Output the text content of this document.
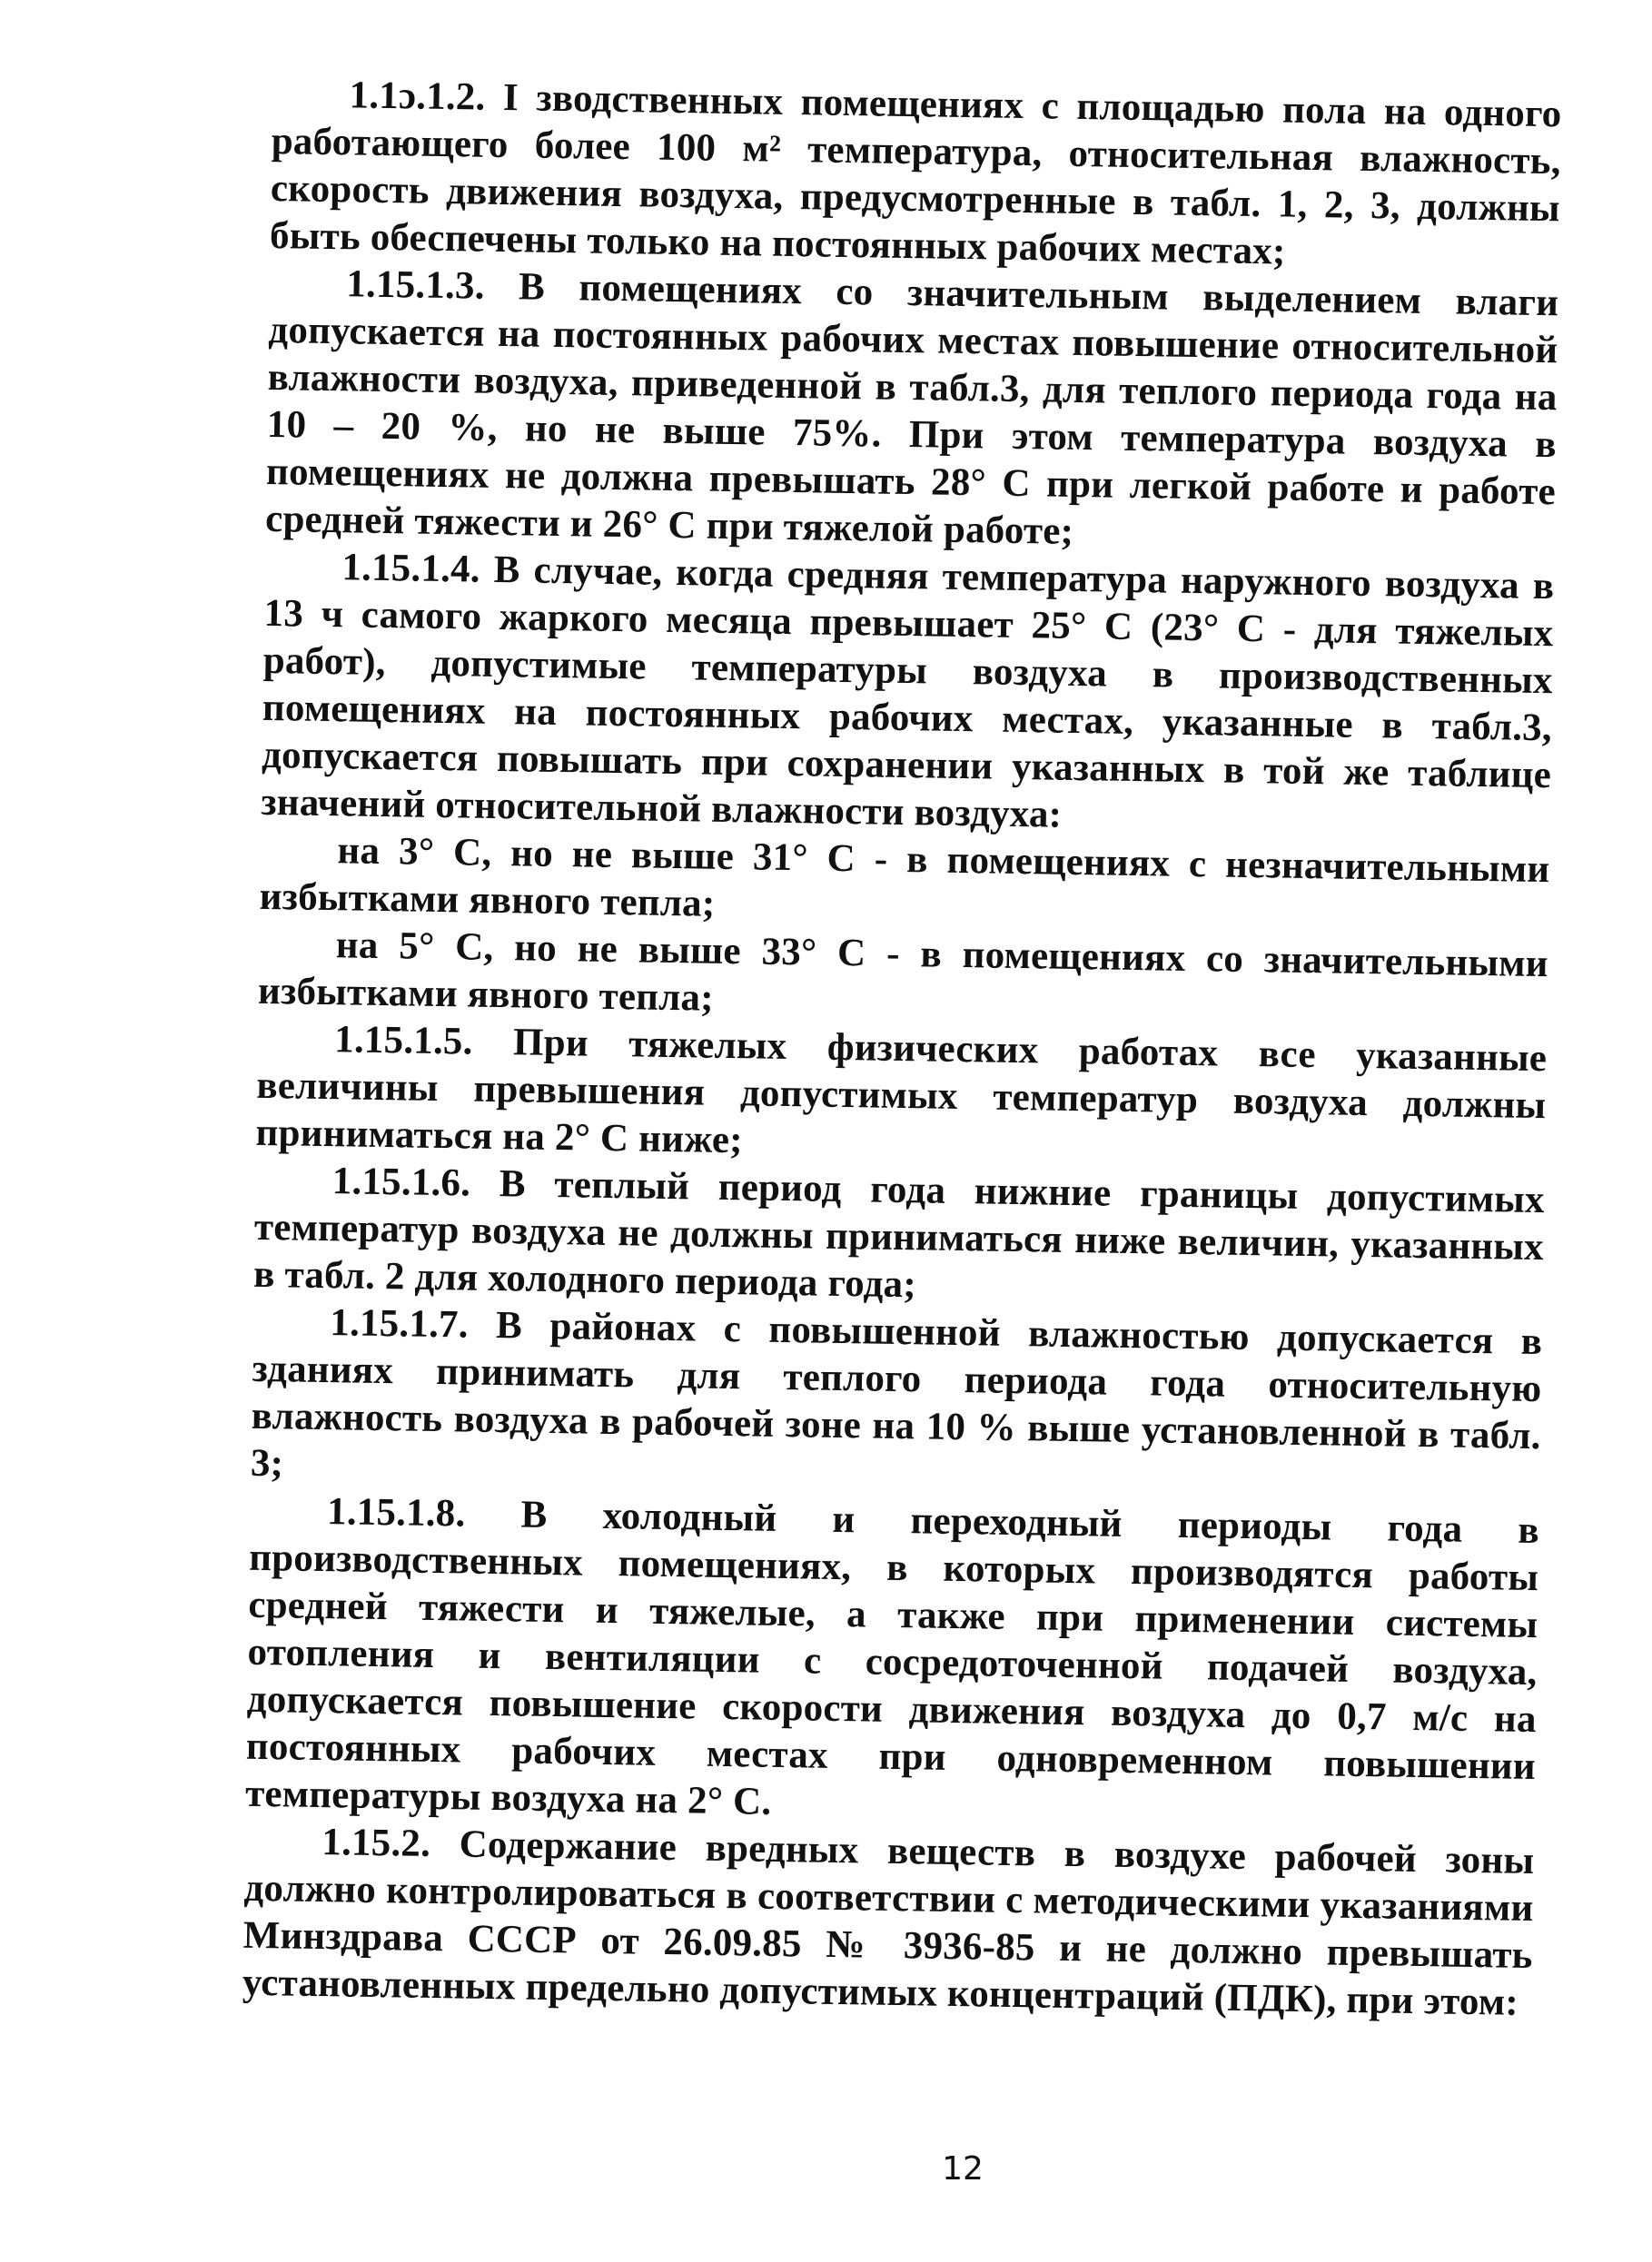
1.1ɔ.1.2. І зводственных помещениях с площадью пола на одного работающего более 100 м² температура, относительная влажность, скорость движения воздуха, предусмотренные в табл. 1, 2, 3, должны быть обеспечены только на постоянных рабочих местах;

1.15.1.3. В помещениях со значительным выделением влаги допускается на постоянных рабочих местах повышение относительной влажности воздуха, приведенной в табл.3, для теплого периода года на 10 – 20 %, но не выше 75%. При этом температура воздуха в помещениях не должна превышать 28° С при легкой работе и работе средней тяжести и 26° С при тяжелой работе;

1.15.1.4. В случае, когда средняя температура наружного воздуха в 13 ч самого жаркого месяца превышает 25° С (23° С - для тяжелых работ), допустимые температуры воздуха в производственных помещениях на постоянных рабочих местах, указанные в табл.3, допускается повышать при сохранении указанных в той же таблице значений относительной влажности воздуха:

на 3° С, но не выше 31° С - в помещениях с незначительными избытками явного тепла;

на 5° С, но не выше 33° С - в помещениях со значительными избытками явного тепла;

1.15.1.5. При тяжелых физических работах все указанные величины превышения допустимых температур воздуха должны приниматься на 2° С ниже;

1.15.1.6. В теплый период года нижние границы допустимых температур воздуха не должны приниматься ниже величин, указанных в табл. 2 для холодного периода года;

1.15.1.7. В районах с повышенной влажностью допускается в зданиях принимать для теплого периода года относительную влажность воздуха в рабочей зоне на 10 % выше установленной в табл. 3;

1.15.1.8. В холодный и переходный периоды года в производственных помещениях, в которых производятся работы средней тяжести и тяжелые, а также при применении системы отопления и вентиляции с сосредоточенной подачей воздуха, допускается повышение скорости движения воздуха до 0,7 м/с на постоянных рабочих местах при одновременном повышении температуры воздуха на 2° С.

1.15.2. Содержание вредных веществ в воздухе рабочей зоны должно контролироваться в соответствии с методическими указаниями Минздрава СССР от 26.09.85 № 3936-85 и не должно превышать установленных предельно допустимых концентраций (ПДК), при этом:

12
